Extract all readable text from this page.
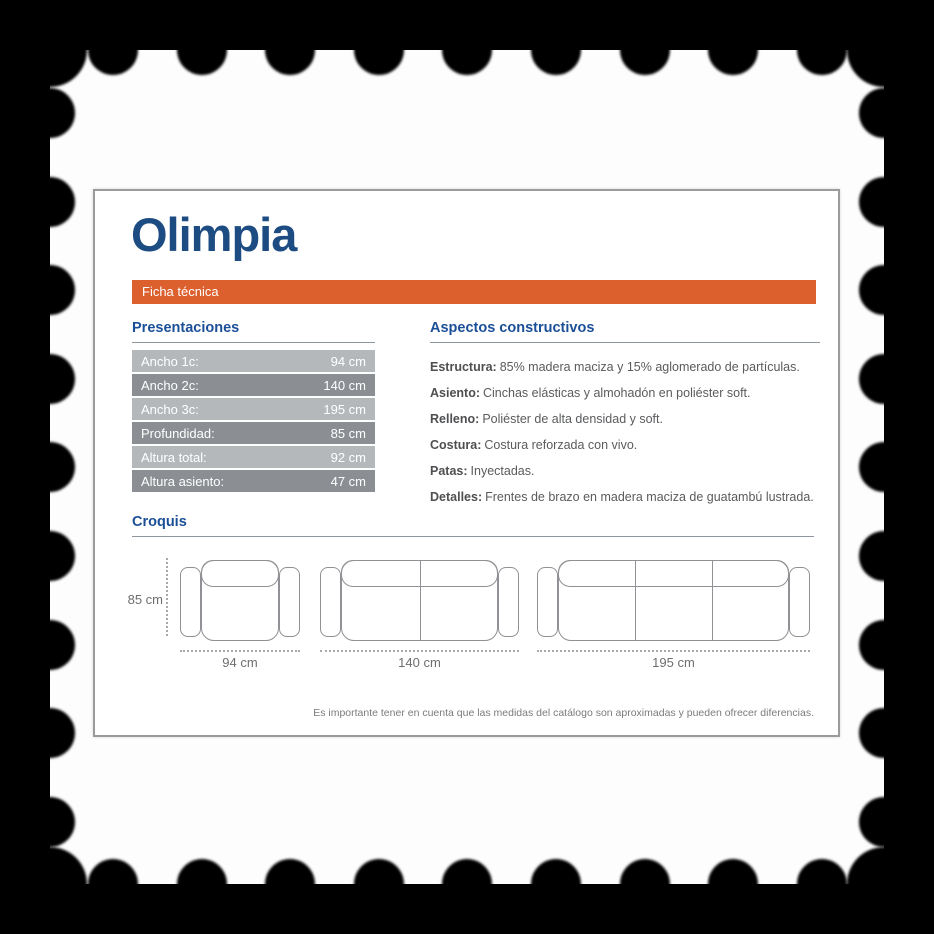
Olimpia
Ficha técnica
Presentaciones
Ancho 1c:	94 cm
Ancho 2c:	140 cm
Ancho 3c:	195 cm
Profundidad:	85 cm
Altura total:	92 cm
Altura asiento:	47 cm
Aspectos constructivos
Estructura: 85% madera maciza y 15% aglomerado de partículas.
Asiento: Cinchas elásticas y almohadón en poliéster soft.
Relleno: Poliéster de alta densidad y soft.
Costura: Costura reforzada con vivo.
Patas: Inyectadas.
Detalles: Frentes de brazo en madera maciza de guatambú lustrada.
Croquis
85 cm
94 cm	140 cm	195 cm
Es importante tener en cuenta que las medidas del catálogo son aproximadas y pueden ofrecer diferencias.
